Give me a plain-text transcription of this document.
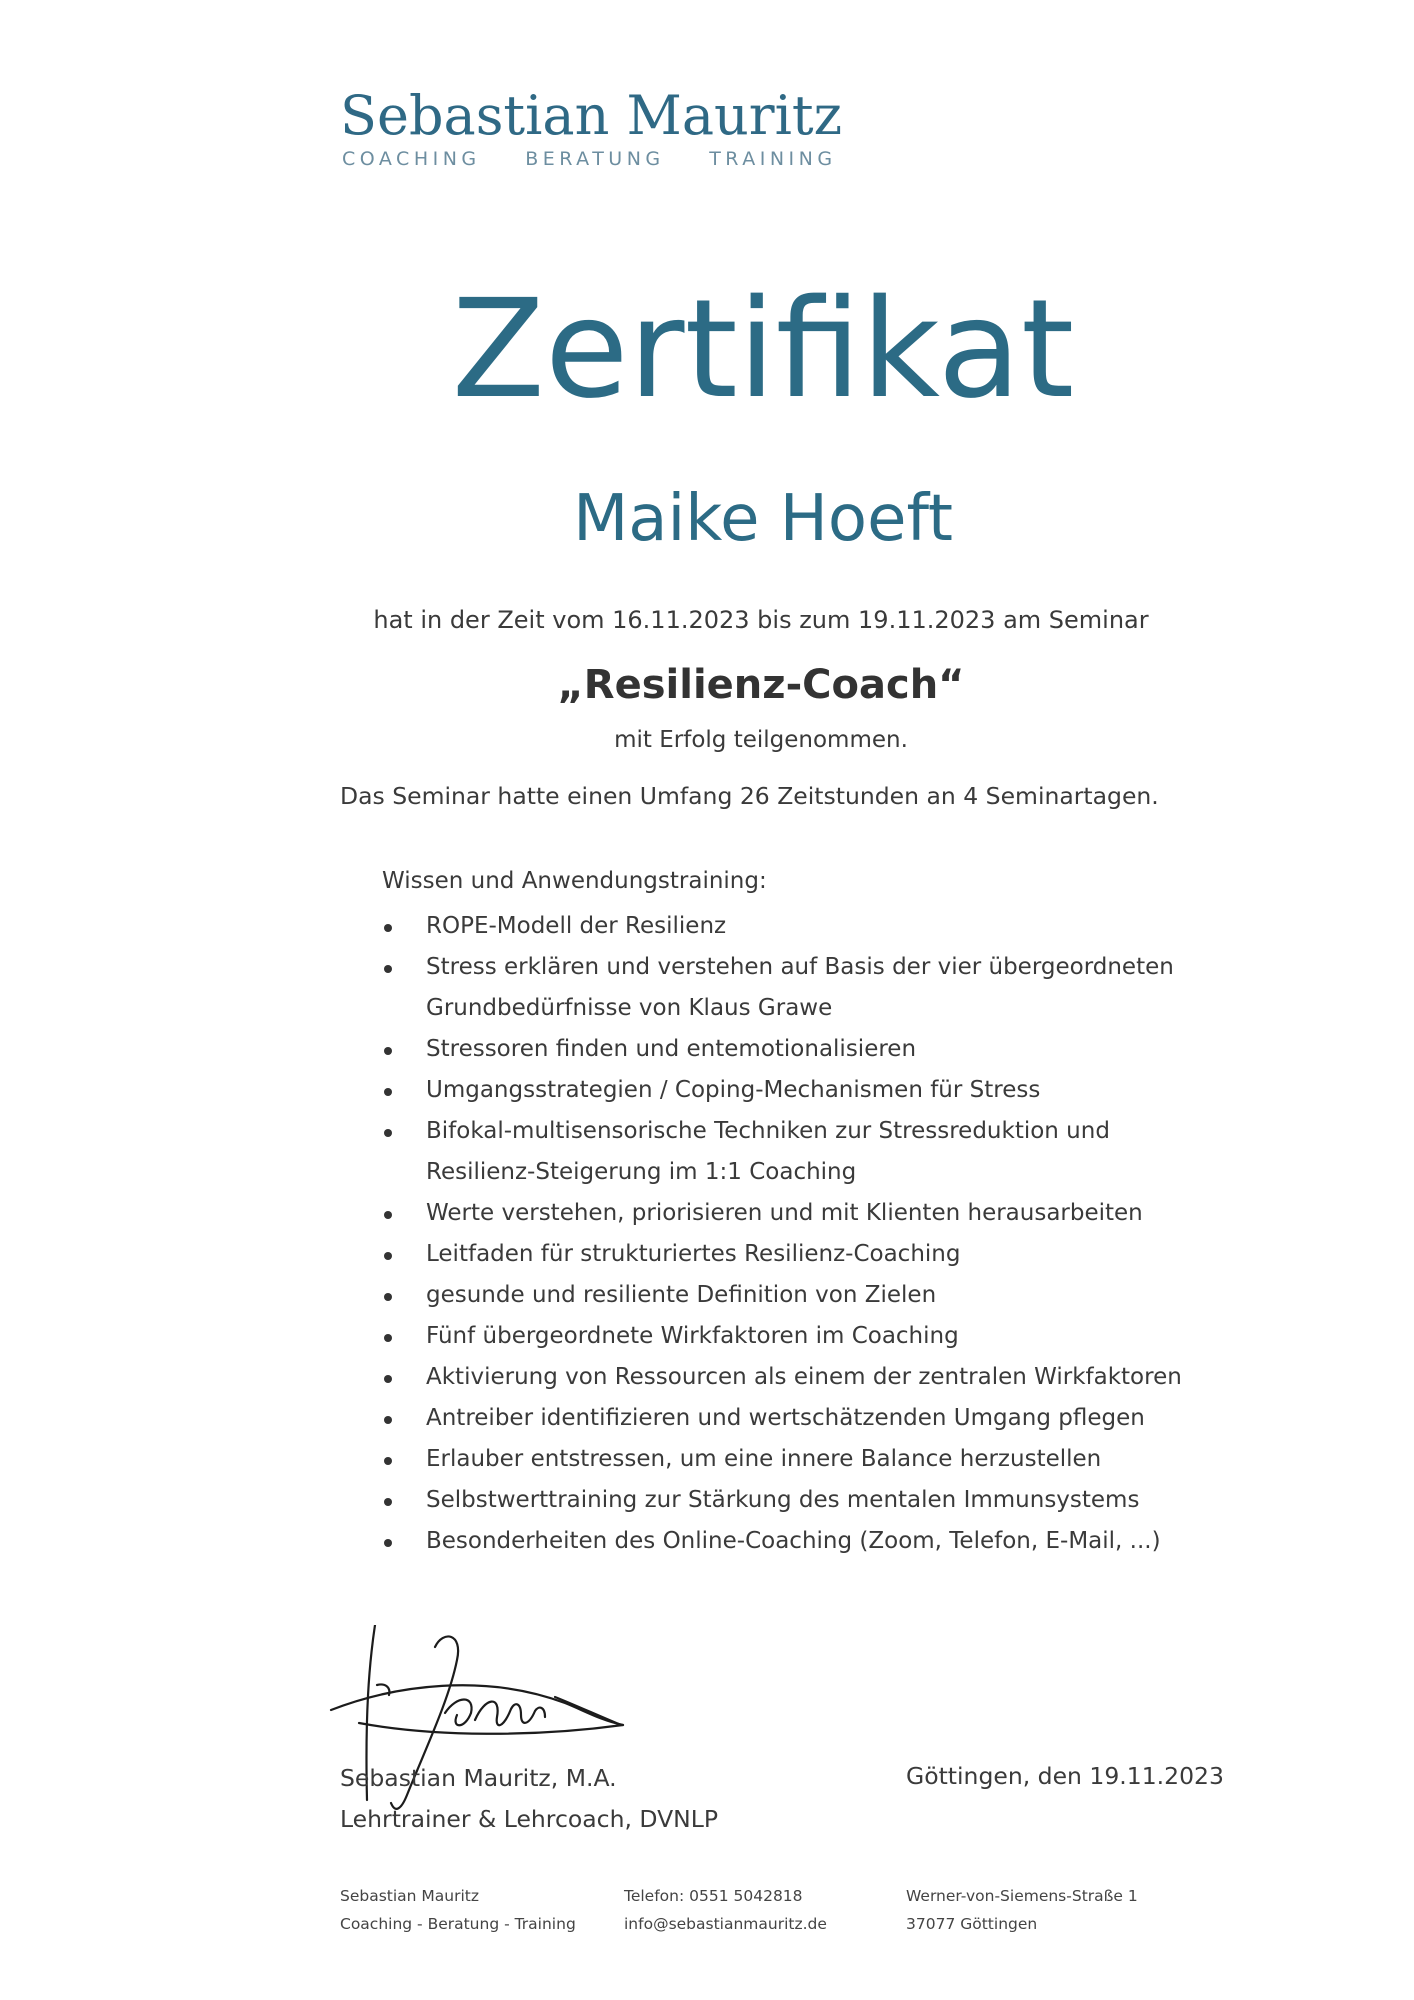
Sebastian Mauritz
COACHING BERATUNG TRAINING
Zertifikat
Maike Hoeft
hat in der Zeit vom 16.11.2023 bis zum 19.11.2023 am Seminar
„Resilienz-Coach“
mit Erfolg teilgenommen.
Das Seminar hatte einen Umfang 26 Zeitstunden an 4 Seminartagen.
Wissen und Anwendungstraining:
ROPE-Modell der Resilienz
Stress erklären und verstehen auf Basis der vier übergeordneten
Grundbedürfnisse von Klaus Grawe
Stressoren finden und entemotionalisieren
Umgangsstrategien / Coping-Mechanismen für Stress
Bifokal-multisensorische Techniken zur Stressreduktion und
Resilienz-Steigerung im 1:1 Coaching
Werte verstehen, priorisieren und mit Klienten herausarbeiten
Leitfaden für strukturiertes Resilienz-Coaching
gesunde und resiliente Definition von Zielen
Fünf übergeordnete Wirkfaktoren im Coaching
Aktivierung von Ressourcen als einem der zentralen Wirkfaktoren
Antreiber identifizieren und wertschätzenden Umgang pflegen
Erlauber entstressen, um eine innere Balance herzustellen
Selbstwerttraining zur Stärkung des mentalen Immunsystems
Besonderheiten des Online-Coaching (Zoom, Telefon, E-Mail, ...)
Sebastian Mauritz, M.A.
Lehrtrainer & Lehrcoach, DVNLP
Göttingen, den 19.11.2023
Sebastian Mauritz
Coaching - Beratung - Training
Telefon: 0551 5042818
info@sebastianmauritz.de
Werner-von-Siemens-Straße 1
37077 Göttingen
